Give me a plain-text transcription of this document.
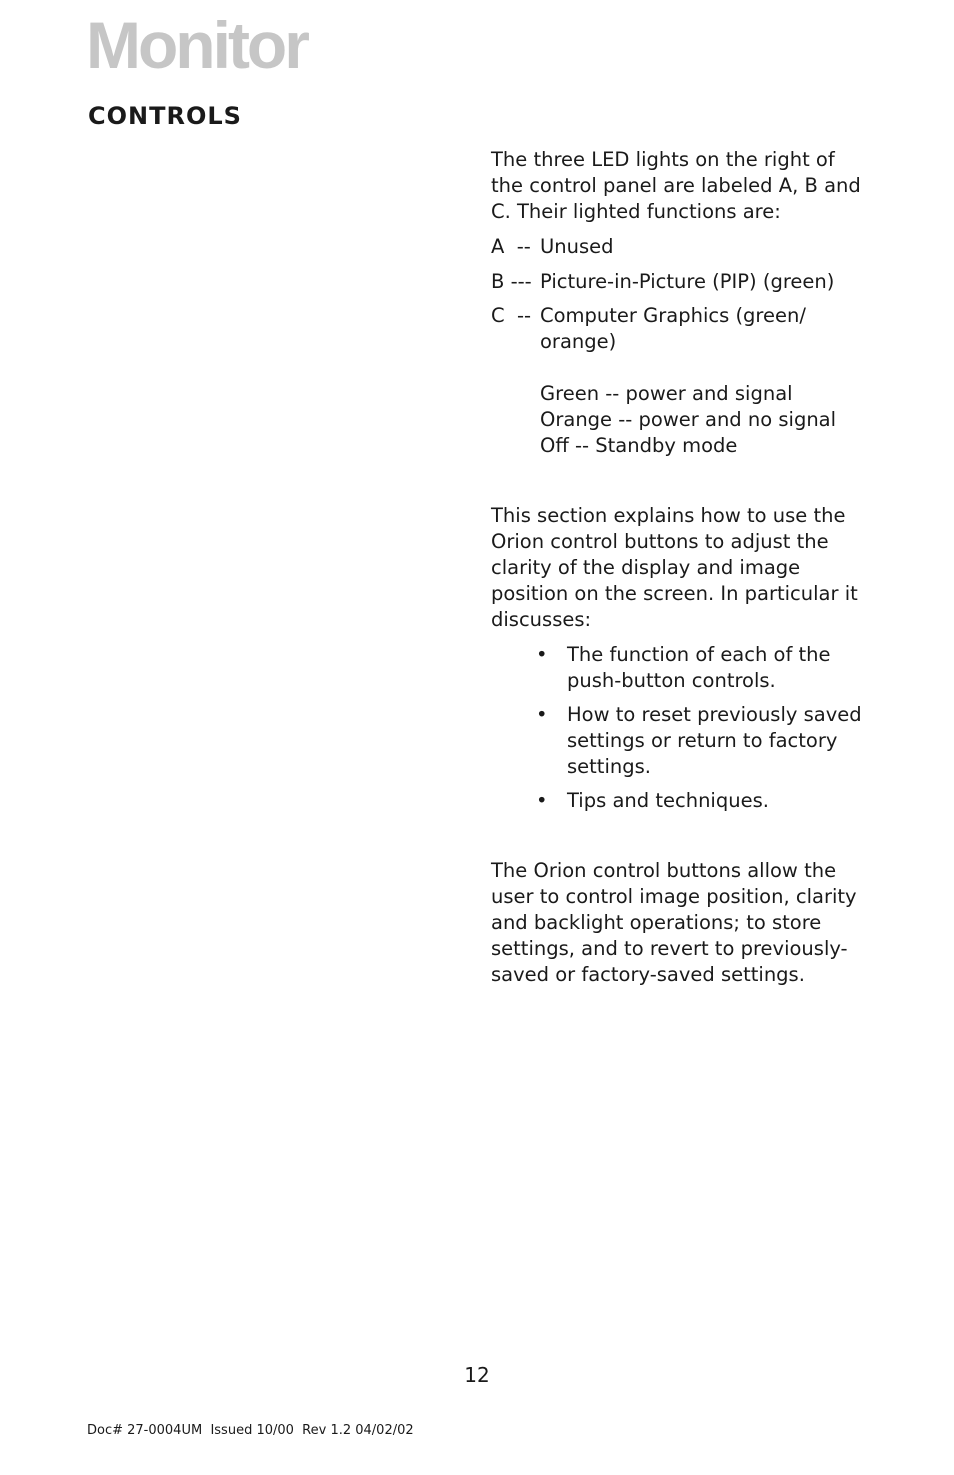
Monitor
CONTROLS

The three LED lights on the right of the control panel are labeled A, B and C. Their lighted functions are:

A  -- Unused
B --- Picture-in-Picture (PIP) (green)
C  -- Computer Graphics (green/ orange)
Green -- power and signal
Orange -- power and no signal
Off -- Standby mode

This section explains how to use the Orion control buttons to adjust the clarity of the display and image position on the screen. In particular it discusses:

• The function of each of the push-button controls.
• How to reset previously saved settings or return to factory settings.
• Tips and techniques.

The Orion control buttons allow the user to control image position, clarity and backlight operations; to store settings, and to revert to previously-saved or factory-saved settings.

12
Doc# 27-0004UM  Issued 10/00  Rev 1.2 04/02/02
